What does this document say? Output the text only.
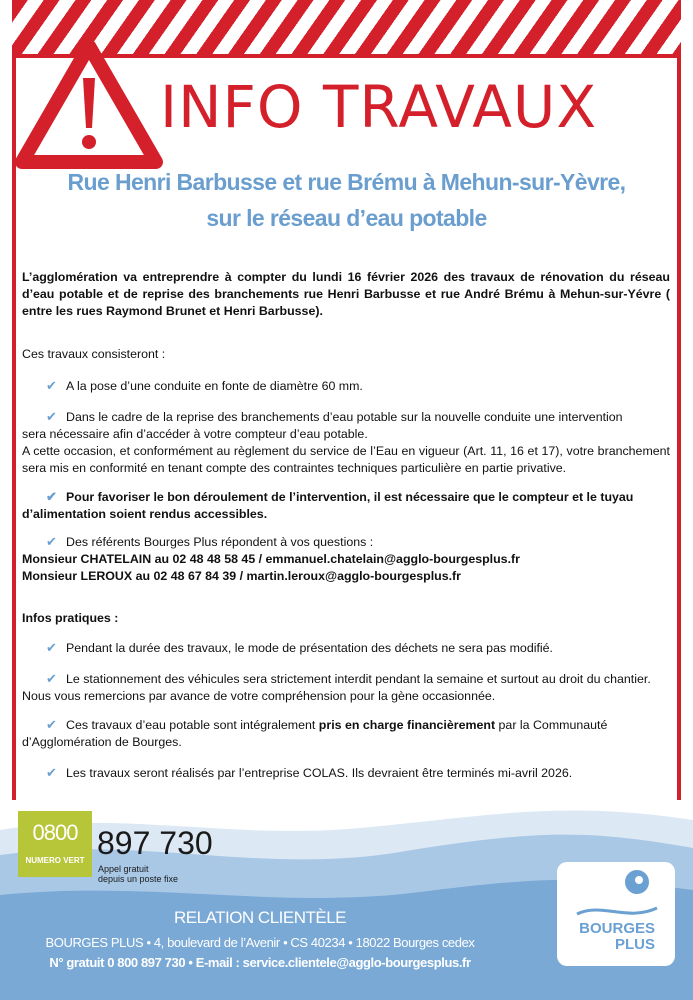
INFO TRAVAUX
Rue Henri Barbusse et rue Brému à Mehun-sur-Yèvre,
sur le réseau d’eau potable
L’agglomération va entreprendre à compter du lundi 16 février 2026 des travaux de rénovation du réseau d’eau potable et de reprise des branchements rue Henri Barbusse et rue André Brému à Mehun-sur-Yévre ( entre les rues Raymond Brunet et Henri Barbusse).
Ces travaux consisteront :
✔ A la pose d’une conduite en fonte de diamètre 60 mm.
✔ Dans le cadre de la reprise des branchements d’eau potable sur la nouvelle conduite une intervention
sera nécessaire afin d’accéder à votre compteur d’eau potable.
A cette occasion, et conformément au règlement du service de l’Eau en vigueur (Art. 11, 16 et 17), votre branchement sera mis en conformité en tenant compte des contraintes techniques particulière en partie privative.
✔ Pour favoriser le bon déroulement de l’intervention, il est nécessaire que le compteur et le tuyau
d’alimentation soient rendus accessibles.
✔ Des référents Bourges Plus répondent à vos questions :
Monsieur CHATELAIN au 02 48 48 58 45 / emmanuel.chatelain@agglo-bourgesplus.fr
Monsieur LEROUX au 02 48 67 84 39 / martin.leroux@agglo-bourgesplus.fr
Infos pratiques :
✔ Pendant la durée des travaux, le mode de présentation des déchets ne sera pas modifié.
✔ Le stationnement des véhicules sera strictement interdit pendant la semaine et surtout au droit du chantier.
Nous vous remercions par avance de votre compréhension pour la gène occasionnée.
✔ Ces travaux d’eau potable sont intégralement pris en charge financièrement par la Communauté
d’Agglomération de Bourges.
✔ Les travaux seront réalisés par l’entreprise COLAS. Ils devraient être terminés mi-avril 2026.
0800
NUMERO VERT 897 730
Appel gratuit
depuis un poste fixe
RELATION CLIENTÈLE
BOURGES PLUS • 4, boulevard de l’Avenir • CS 40234 • 18022 Bourges cedex
N° gratuit 0 800 897 730 • E-mail : service.clientele@agglo-bourgesplus.fr
BOURGES
PLUS
